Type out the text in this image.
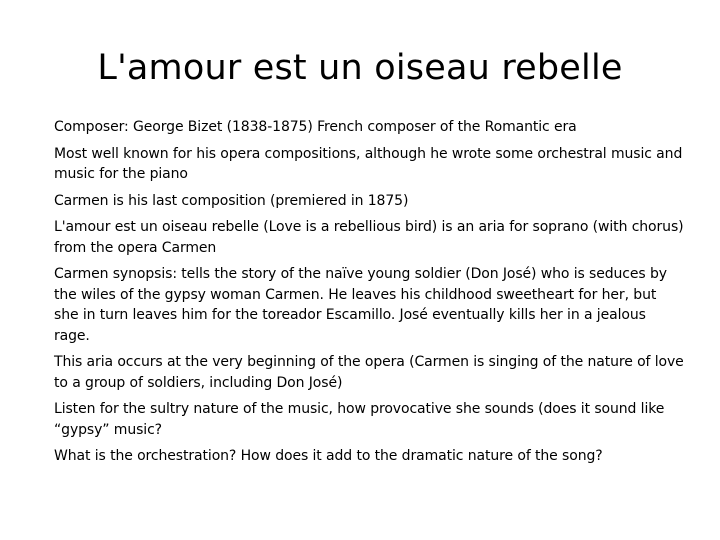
L'amour est un oiseau rebelle
Composer: George Bizet (1838-1875) French composer of the Romantic era
Most well known for his opera compositions, although he wrote some orchestral music and music for the piano
Carmen is his last composition (premiered in 1875)
L'amour est un oiseau rebelle (Love is a rebellious bird) is an aria for soprano (with chorus) from the opera Carmen
Carmen synopsis: tells the story of the naïve young soldier (Don José) who is seduces by the wiles of the gypsy woman Carmen. He leaves his childhood sweetheart for her, but she in turn leaves him for the toreador Escamillo. José eventually kills her in a jealous rage.
This aria occurs at the very beginning of the opera (Carmen is singing of the nature of love to a group of soldiers, including Don José)
Listen for the sultry nature of the music, how provocative she sounds (does it sound like “gypsy” music?
What is the orchestration? How does it add to the dramatic nature of the song?
